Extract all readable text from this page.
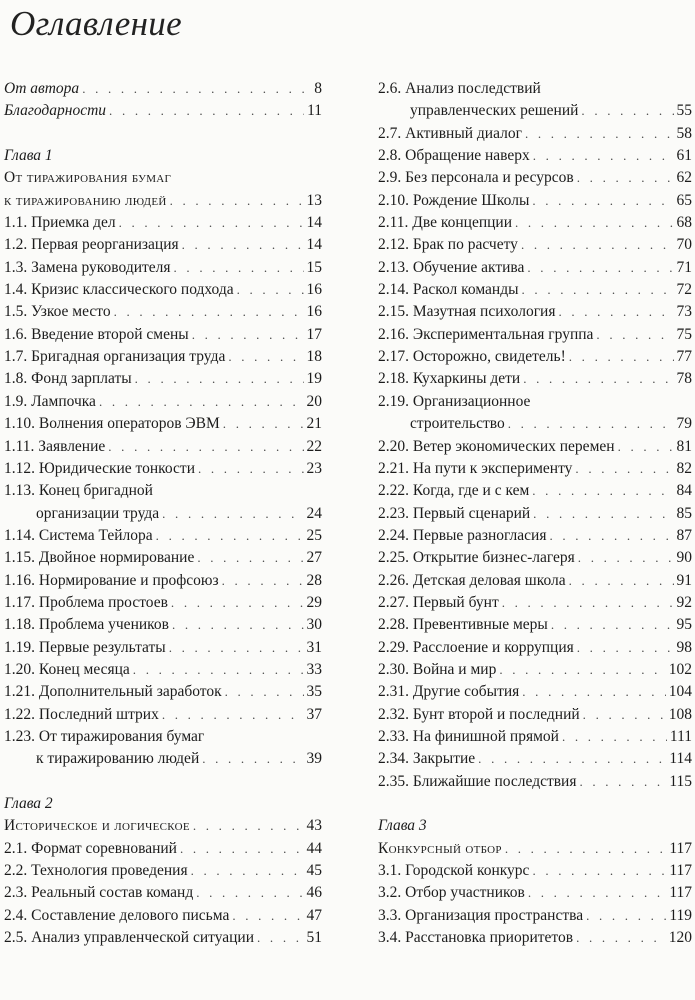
Оглавление
От автора . . .	8
Благодарности . . .	11
Глава 1
От тиражирования бумаг
к тиражированию людей . . .	13
1.1. Приемка дел . . .	14
1.2. Первая реорганизация . . .	14
1.3. Замена руководителя . . .	15
1.4. Кризис классического подхода . . .	16
1.5. Узкое место . . .	16
1.6. Введение второй смены . . .	17
1.7. Бригадная организация труда . . .	18
1.8. Фонд зарплаты . . .	19
1.9. Лампочка . . .	20
1.10. Волнения операторов ЭВМ . . .	21
1.11. Заявление . . .	22
1.12. Юридические тонкости . . .	23
1.13. Конец бригадной
организации труда . . .	24
1.14. Система Тейлора . . .	25
1.15. Двойное нормирование . . .	27
1.16. Нормирование и профсоюз . . .	28
1.17. Проблема простоев . . .	29
1.18. Проблема учеников . . .	30
1.19. Первые результаты . . .	31
1.20. Конец месяца . . .	33
1.21. Дополнительный заработок . . .	35
1.22. Последний штрих . . .	37
1.23. От тиражирования бумаг
к тиражированию людей . . .	39
Глава 2
Историческое и логическое . . .	43
2.1. Формат соревнований . . .	44
2.2. Технология проведения . . .	45
2.3. Реальный состав команд . . .	46
2.4. Составление делового письма . . .	47
2.5. Анализ управленческой ситуации . . .	51
2.6. Анализ последствий
управленческих решений . . .	55
2.7. Активный диалог . . .	58
2.8. Обращение наверх . . .	61
2.9. Без персонала и ресурсов . . .	62
2.10. Рождение Школы . . .	65
2.11. Две концепции . . .	68
2.12. Брак по расчету . . .	70
2.13. Обучение актива . . .	71
2.14. Раскол команды . . .	72
2.15. Мазутная психология . . .	73
2.16. Экспериментальная группа . . .	75
2.17. Осторожно, свидетель! . . .	77
2.18. Кухаркины дети . . .	78
2.19. Организационное
строительство . . .	79
2.20. Ветер экономических перемен . . .	81
2.21. На пути к эксперименту . . .	82
2.22. Когда, где и с кем . . .	84
2.23. Первый сценарий . . .	85
2.24. Первые разногласия . . .	87
2.25. Открытие бизнес-лагеря . . .	90
2.26. Детская деловая школа . . .	91
2.27. Первый бунт . . .	92
2.28. Превентивные меры . . .	95
2.29. Расслоение и коррупция . . .	98
2.30. Война и мир . . .	102
2.31. Другие события . . .	104
2.32. Бунт второй и последний . . .	108
2.33. На финишной прямой . . .	111
2.34. Закрытие . . .	114
2.35. Ближайшие последствия . . .	115
Глава 3
Конкурсный отбор . . .	117
3.1. Городской конкурс . . .	117
3.2. Отбор участников . . .	117
3.3. Организация пространства . . .	119
3.4. Расстановка приоритетов . . .	120
